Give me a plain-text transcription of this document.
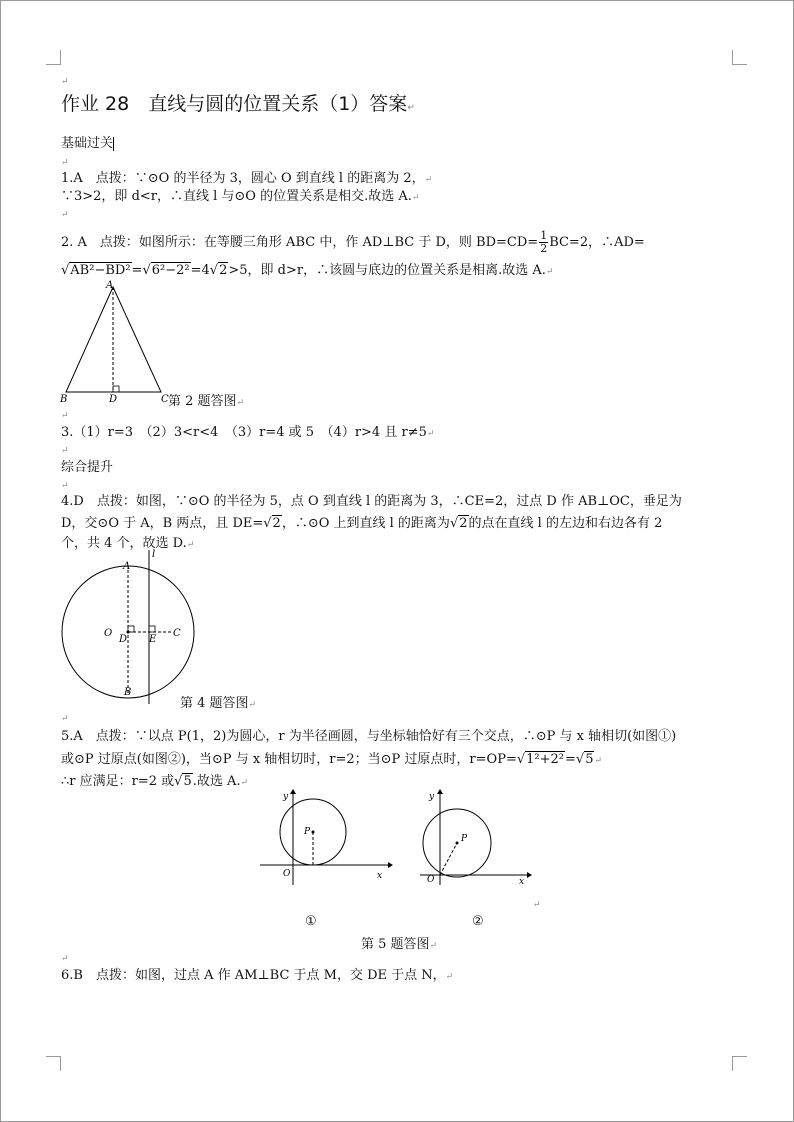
↵
作业 28　直线与圆的位置关系（1）答案↵
基础过关
↵
1.A　点拨：∵⊙O 的半径为 3，圆心 O 到直线 l 的距离为 2，↵
∵3>2，即 d<r，∴直线 l 与⊙O 的位置关系是相交.故选 A.↵
↵
2. A　点拨：如图所示：在等腰三角形 ABC 中，作 AD⊥BC 于 D，则 $BD=CD= \frac{1}{2} BC=2$，∴AD=
√AB²−BD²=√6²−2²=4√2>5，即 d>r，∴该圆与底边的位置关系是相离.故选 A.↵
A
B	D	C 第 2 题答图↵
↵
3.（1）r=3　（2）3<r<4　（3）r=4 或 5　（4）r>4 且 r≠5↵
↵
综合提升
↵
4.D　点拨：如图，∵⊙O 的半径为 5，点 O 到直线 l 的距离为 3，∴CE=2，过点 D 作 AB⊥OC，垂足为
D，交⊙O 于 A，B 两点，且 DE=√2，∴⊙O 上到直线 l 的距离为√2的点在直线 l 的左边和右边各有 2
个，共 4 个，故选 D.↵
l
A
O
D E
C
B
第 4 题答图↵
↵
5.A　点拨：∵以点 P(1，2)为圆心，r 为半径画圆，与坐标轴恰好有三个交点，∴⊙P 与 x 轴相切(如图①)
或⊙P 过原点(如图②)，当⊙P 与 x 轴相切时，r=2；当⊙P 过原点时，r=OP=√1²+2²=√5↵
∴r 应满足：r=2 或√5.故选 A.↵
y
P
O	x
y
P
O	x
↵
①	②
第 5 题答图↵
↵
6.B　点拨：如图，过点 A 作 AM⊥BC 于点 M，交 DE 于点 N，↵
